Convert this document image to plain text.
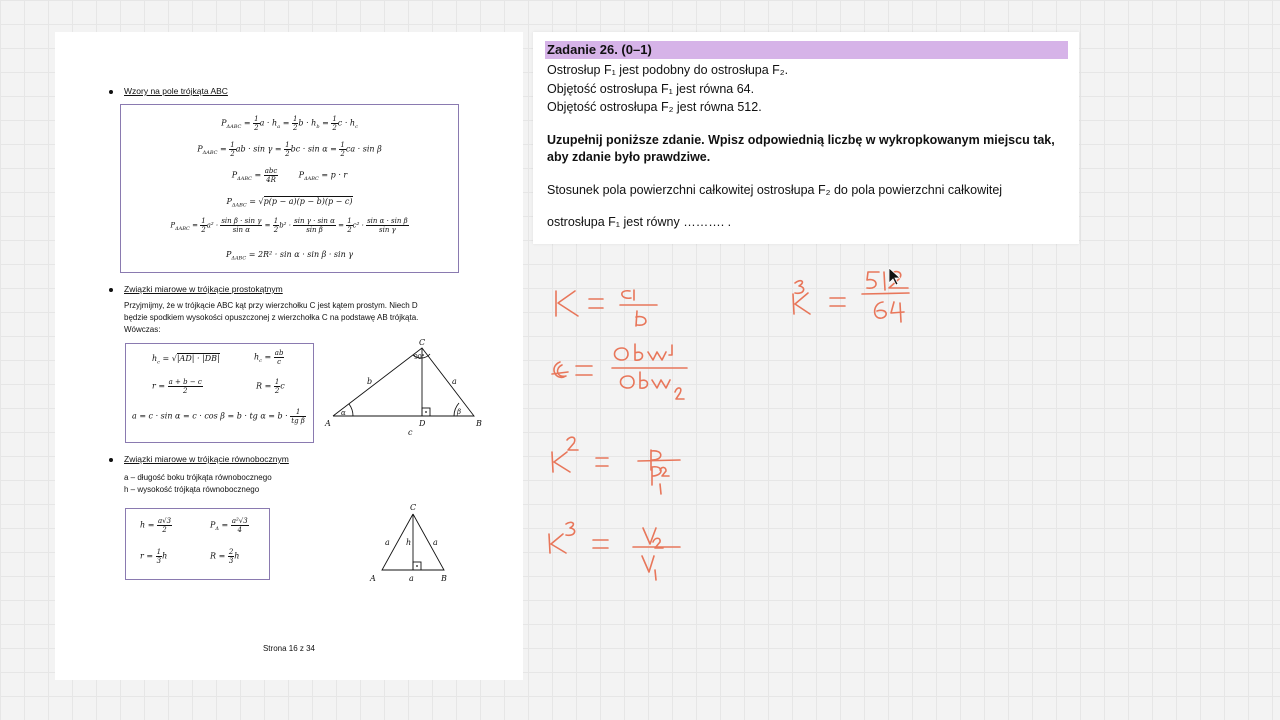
Wzory na pole trójkąta ABC
$P_{\Delta ABC} = \frac{1}{2}$ $a \cdot h_a = \frac{1}{2}$ $b \cdot h_b = \frac{1}{2}$ $c \cdot h_c$
$P_{\Delta ABC} = \frac{1}{2}$ ab · $\sin \gamma = \frac{1}{2}$ bc · $\sin \alpha = \frac{1}{2}$ ca · sin β
$P_{\Delta ABC} = \frac{\text{abc}}{4R} P_{\Delta ABC} = p \cdot r$
$P_{\Delta ABC} = √p(p - a)(p - b)(p - c)$
$P_{\Delta ABC} = \frac{1}{2} a^2 \cdot \frac{\text{sin β · sin γ}}{\text{sin α}} = \frac{1}{2} b^2 \cdot \frac{\text{sin γ · sin α}}{\text{sin β}} = \frac{1}{2} c^2 \cdot \frac{\text{sin α · sin β}}{\text{sin γ}}$
$P_{\Delta ABC} = 2R^2 \cdot \sin \alpha \cdot \sin \beta \cdot \sin \gamma$
Związki miarowe w trójkącie prostokątnym
Przyjmijmy, że w trójkącie ABC kąt przy wierzchołku C jest kątem prostym. Niech D
będzie spodkiem wysokości opuszczonej z wierzchołka C na podstawę AB trójkąta.
Wówczas:
$h_c = √|AD| \cdot |DB|$	$h_c = \frac{ab}{c}$
$r = \frac{a + b - c}{2}$	$R = \frac{1}{2}$ c
a = c · sin α = c · cos β = b · tg $\alpha = b \cdot \frac{1}{\text{tg β}}$
C
90°
b	a
α	β
A	D	B
c
Związki miarowe w trójkącie równobocznym
a – długość boku trójkąta równobocznego
h – wysokość trójkąta równobocznego
$h = \frac{a√3}{2}$	$P_\Delta = \frac{\text{a²√3}}{4}$
$r = \frac{1}{3}$ h	$R = \frac{2}{3}$ h
C
a h	a
A	a	B
Strona 16 z 34
Zadanie 26. (0–1)
Ostrosłup F₁ jest podobny do ostrosłupa F₂.
Objętość ostrosłupa F₁ jest równa 64.
Objętość ostrosłupa F₂ jest równa 512.
Uzupełnij poniższe zdanie. Wpisz odpowiednią liczbę w wykropkowanym miejscu tak,
aby zdanie było prawdziwe.
Stosunek pola powierzchni całkowitej ostrosłupa F₂ do pola powierzchni całkowitej
ostrosłupa F₁ jest równy ………. .
